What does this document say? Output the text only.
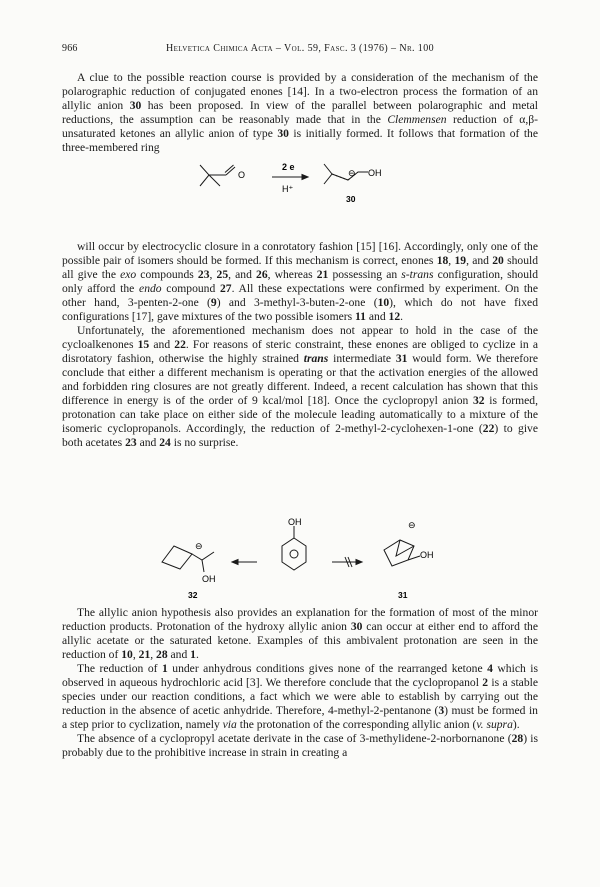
966	Helvetica Chimica Acta – Vol. 59, Fasc. 3 (1976) – Nr. 100

A clue to the possible reaction course is provided by a consideration of the mechanism of the polarographic reduction of conjugated enones [14]. In a two-electron process the formation of an allylic anion 30 has been proposed. In view of the parallel between polarographic and metal reductions, the assumption can be reasonably made that in the Clemmensen reduction of α,β-unsaturated ketones an allylic anion of type 30 is initially formed. It follows that formation of the three-membered ring

O
2 e
H⁺
⊖ OH
30

will occur by electrocyclic closure in a conrotatory fashion [15] [16]. Accordingly, only one of the possible pair of isomers should be formed. If this mechanism is correct, enones 18, 19, and 20 should all give the exo compounds 23, 25, and 26, whereas 21 possessing an s-trans configuration, should only afford the endo compound 27. All these expectations were confirmed by experiment. On the other hand, 3-penten-2-one (9) and 3-methyl-3-buten-2-one (10), which do not have fixed configurations [17], gave mixtures of the two possible isomers 11 and 12.

Unfortunately, the aforementioned mechanism does not appear to hold in the case of the cycloalkenones 15 and 22. For reasons of steric constraint, these enones are obliged to cyclize in a disrotatory fashion, otherwise the highly strained trans intermediate 31 would form. We therefore conclude that either a different mechanism is operating or that the activation energies of the allowed and forbidden ring closures are not greatly different. Indeed, a recent calculation has shown that this difference in energy is of the order of 9 kcal/mol [18]. Once the cyclopropyl anion 32 is formed, protonation can take place on either side of the molecule leading automatically to a mixture of the isomeric cyclopropanols. Accordingly, the reduction of 2-methyl-2-cyclohexen-1-one (22) to give both acetates 23 and 24 is no surprise.

⊖
OH
32
OH	⊖
OH
31

The allylic anion hypothesis also provides an explanation for the formation of most of the minor reduction products. Protonation of the hydroxy allylic anion 30 can occur at either end to afford the allylic acetate or the saturated ketone. Examples of this ambivalent protonation are seen in the reduction of 10, 21, 28 and 1.

The reduction of 1 under anhydrous conditions gives none of the rearranged ketone 4 which is observed in aqueous hydrochloric acid [3]. We therefore conclude that the cyclopropanol 2 is a stable species under our reaction conditions, a fact which we were able to establish by carrying out the reduction in the absence of acetic anhydride. Therefore, 4-methyl-2-pentanone (3) must be formed in a step prior to cyclization, namely via the protonation of the corresponding allylic anion (v. supra).

The absence of a cyclopropyl acetate derivate in the case of 3-methylidene-2-norbornanone (28) is probably due to the prohibitive increase in strain in creating a
